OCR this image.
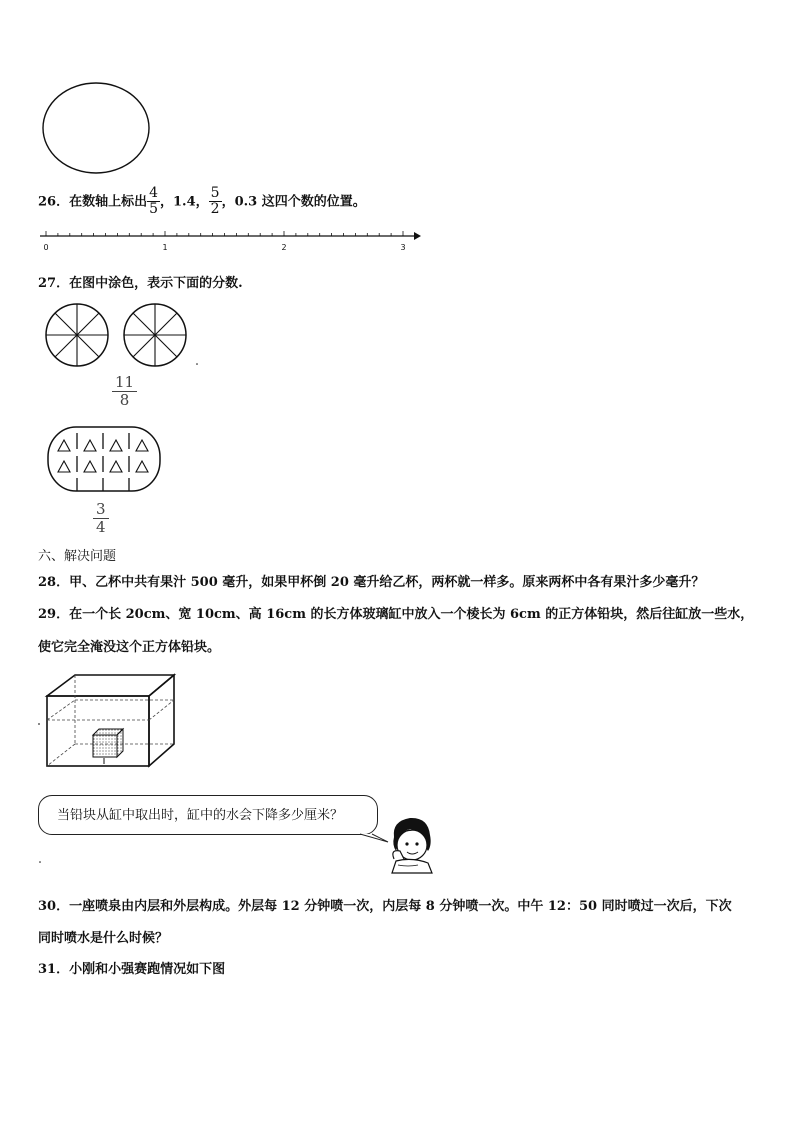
26．在数轴上标出 $\frac{4}{5}$ ，1.4， $\frac{5}{2}$ ，0.3 这四个数的位置。
0	1	2	3
27．在图中涂色，表示下面的分数.
11
8
3
4
六、解决问题
28．甲、乙杯中共有果汁 500 毫升，如果甲杯倒 20 毫升给乙杯，两杯就一样多。原来两杯中各有果汁多少毫升？
29．在一个长 20cm、宽 10cm、高 16cm 的长方体玻璃缸中放入一个棱长为 6cm 的正方体铅块，然后往缸放一些水，
使它完全淹没这个正方体铅块。
当铅块从缸中取出时，缸中的水会下降多少厘米？
30．一座喷泉由内层和外层构成。外层每 12 分钟喷一次，内层每 8 分钟喷一次。中午 12：50 同时喷过一次后，下次
同时喷水是什么时候？
31．小刚和小强赛跑情况如下图
